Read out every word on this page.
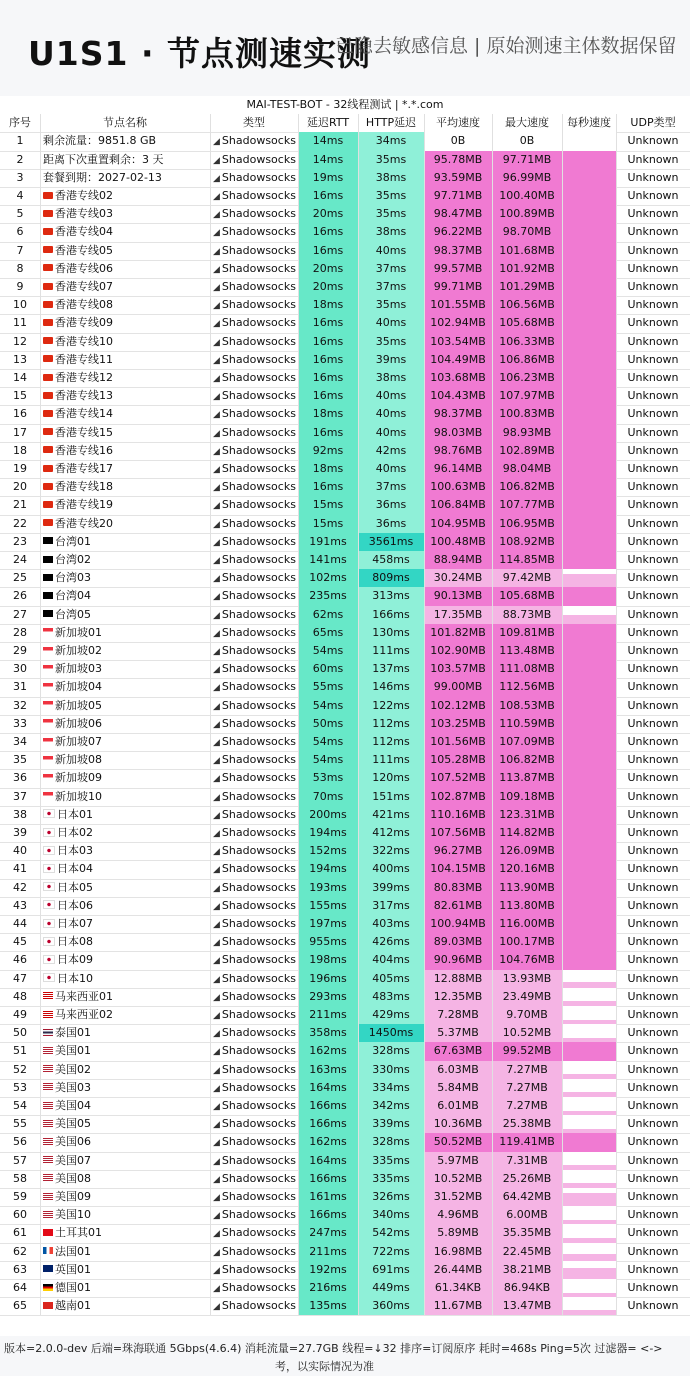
U1S1 · 节点测速实测
已隐去敏感信息 | 原始测速主体数据保留
MAI-TEST-BOT - 32线程测试 | *.*.com
序号	节点名称	类型	延迟RTT	HTTP延迟	平均速度	最大速度	每秒速度	UDP类型
1	剩余流量：9851.8 GB	◢ Shadowsocks	14ms	34ms	0B	0B	Unknown
2	距离下次重置剩余：3 天	◢ Shadowsocks	14ms	35ms	95.78MB	97.71MB	Unknown
3	套餐到期：2027-02-13	◢ Shadowsocks	19ms	38ms	93.59MB	96.99MB	Unknown
4	香港专线02	◢ Shadowsocks	16ms	35ms	97.71MB	100.40MB	Unknown
5	香港专线03	◢ Shadowsocks	20ms	35ms	98.47MB	100.89MB	Unknown
6	香港专线04	◢ Shadowsocks	16ms	38ms	96.22MB	98.70MB	Unknown
7	香港专线05	◢ Shadowsocks	16ms	40ms	98.37MB	101.68MB	Unknown
8	香港专线06	◢ Shadowsocks	20ms	37ms	99.57MB	101.92MB	Unknown
9	香港专线07	◢ Shadowsocks	20ms	37ms	99.71MB	101.29MB	Unknown
10	香港专线08	◢ Shadowsocks	18ms	35ms	101.55MB	106.56MB	Unknown
11	香港专线09	◢ Shadowsocks	16ms	40ms	102.94MB	105.68MB	Unknown
12	香港专线10	◢ Shadowsocks	16ms	35ms	103.54MB	106.33MB	Unknown
13	香港专线11	◢ Shadowsocks	16ms	39ms	104.49MB	106.86MB	Unknown
14	香港专线12	◢ Shadowsocks	16ms	38ms	103.68MB	106.23MB	Unknown
15	香港专线13	◢ Shadowsocks	16ms	40ms	104.43MB	107.97MB	Unknown
16	香港专线14	◢ Shadowsocks	18ms	40ms	98.37MB	100.83MB	Unknown
17	香港专线15	◢ Shadowsocks	16ms	40ms	98.03MB	98.93MB	Unknown
18	香港专线16	◢ Shadowsocks	92ms	42ms	98.76MB	102.89MB	Unknown
19	香港专线17	◢ Shadowsocks	18ms	40ms	96.14MB	98.04MB	Unknown
20	香港专线18	◢ Shadowsocks	16ms	37ms	100.63MB	106.82MB	Unknown
21	香港专线19	◢ Shadowsocks	15ms	36ms	106.84MB	107.77MB	Unknown
22	香港专线20	◢ Shadowsocks	15ms	36ms	104.95MB	106.95MB	Unknown
23	台湾01	◢ Shadowsocks	191ms	3561ms	100.48MB	108.92MB	Unknown
24	台湾02	◢ Shadowsocks	141ms	458ms	88.94MB	114.85MB	Unknown
25	台湾03	◢ Shadowsocks	102ms	809ms	30.24MB	97.42MB	Unknown
26	台湾04	◢ Shadowsocks	235ms	313ms	90.13MB	105.68MB	Unknown
27	台湾05	◢ Shadowsocks	62ms	166ms	17.35MB	88.73MB	Unknown
28	新加坡01	◢ Shadowsocks	65ms	130ms	101.82MB	109.81MB	Unknown
29	新加坡02	◢ Shadowsocks	54ms	111ms	102.90MB	113.48MB	Unknown
30	新加坡03	◢ Shadowsocks	60ms	137ms	103.57MB	111.08MB	Unknown
31	新加坡04	◢ Shadowsocks	55ms	146ms	99.00MB	112.56MB	Unknown
32	新加坡05	◢ Shadowsocks	54ms	122ms	102.12MB	108.53MB	Unknown
33	新加坡06	◢ Shadowsocks	50ms	112ms	103.25MB	110.59MB	Unknown
34	新加坡07	◢ Shadowsocks	54ms	112ms	101.56MB	107.09MB	Unknown
35	新加坡08	◢ Shadowsocks	54ms	111ms	105.28MB	106.82MB	Unknown
36	新加坡09	◢ Shadowsocks	53ms	120ms	107.52MB	113.87MB	Unknown
37	新加坡10	◢ Shadowsocks	70ms	151ms	102.87MB	109.18MB	Unknown
38	日本01	◢ Shadowsocks	200ms	421ms	110.16MB	123.31MB	Unknown
39	日本02	◢ Shadowsocks	194ms	412ms	107.56MB	114.82MB	Unknown
40	日本03	◢ Shadowsocks	152ms	322ms	96.27MB	126.09MB	Unknown
41	日本04	◢ Shadowsocks	194ms	400ms	104.15MB	120.16MB	Unknown
42	日本05	◢ Shadowsocks	193ms	399ms	80.83MB	113.90MB	Unknown
43	日本06	◢ Shadowsocks	155ms	317ms	82.61MB	113.80MB	Unknown
44	日本07	◢ Shadowsocks	197ms	403ms	100.94MB	116.00MB	Unknown
45	日本08	◢ Shadowsocks	955ms	426ms	89.03MB	100.17MB	Unknown
46	日本09	◢ Shadowsocks	198ms	404ms	90.96MB	104.76MB	Unknown
47	日本10	◢ Shadowsocks	196ms	405ms	12.88MB	13.93MB	Unknown
48	马来西亚01	◢ Shadowsocks	293ms	483ms	12.35MB	23.49MB	Unknown
49	马来西亚02	◢ Shadowsocks	211ms	429ms	7.28MB	9.70MB	Unknown
50	泰国01	◢ Shadowsocks	358ms	1450ms	5.37MB	10.52MB	Unknown
51	美国01	◢ Shadowsocks	162ms	328ms	67.63MB	99.52MB	Unknown
52	美国02	◢ Shadowsocks	163ms	330ms	6.03MB	7.27MB	Unknown
53	美国03	◢ Shadowsocks	164ms	334ms	5.84MB	7.27MB	Unknown
54	美国04	◢ Shadowsocks	166ms	342ms	6.01MB	7.27MB	Unknown
55	美国05	◢ Shadowsocks	166ms	339ms	10.36MB	25.38MB	Unknown
56	美国06	◢ Shadowsocks	162ms	328ms	50.52MB	119.41MB	Unknown
57	美国07	◢ Shadowsocks	164ms	335ms	5.97MB	7.31MB	Unknown
58	美国08	◢ Shadowsocks	166ms	335ms	10.52MB	25.26MB	Unknown
59	美国09	◢ Shadowsocks	161ms	326ms	31.52MB	64.42MB	Unknown
60	美国10	◢ Shadowsocks	166ms	340ms	4.96MB	6.00MB	Unknown
61	土耳其01	◢ Shadowsocks	247ms	542ms	5.89MB	35.35MB	Unknown
62	法国01	◢ Shadowsocks	211ms	722ms	16.98MB	22.45MB	Unknown
63	英国01	◢ Shadowsocks	192ms	691ms	26.44MB	38.21MB	Unknown
64	德国01	◢ Shadowsocks	216ms	449ms	61.34KB	86.94KB	Unknown
65	越南01	◢ Shadowsocks	135ms	360ms	11.67MB	13.47MB	Unknown
版本=2.0.0-dev 后端=珠海联通 5Gbps(4.6.4) 消耗流量=27.7GB 线程=↓32 排序=订阅原序 耗时=468s Ping=5次 过滤器= <->
考，以实际情况为准
